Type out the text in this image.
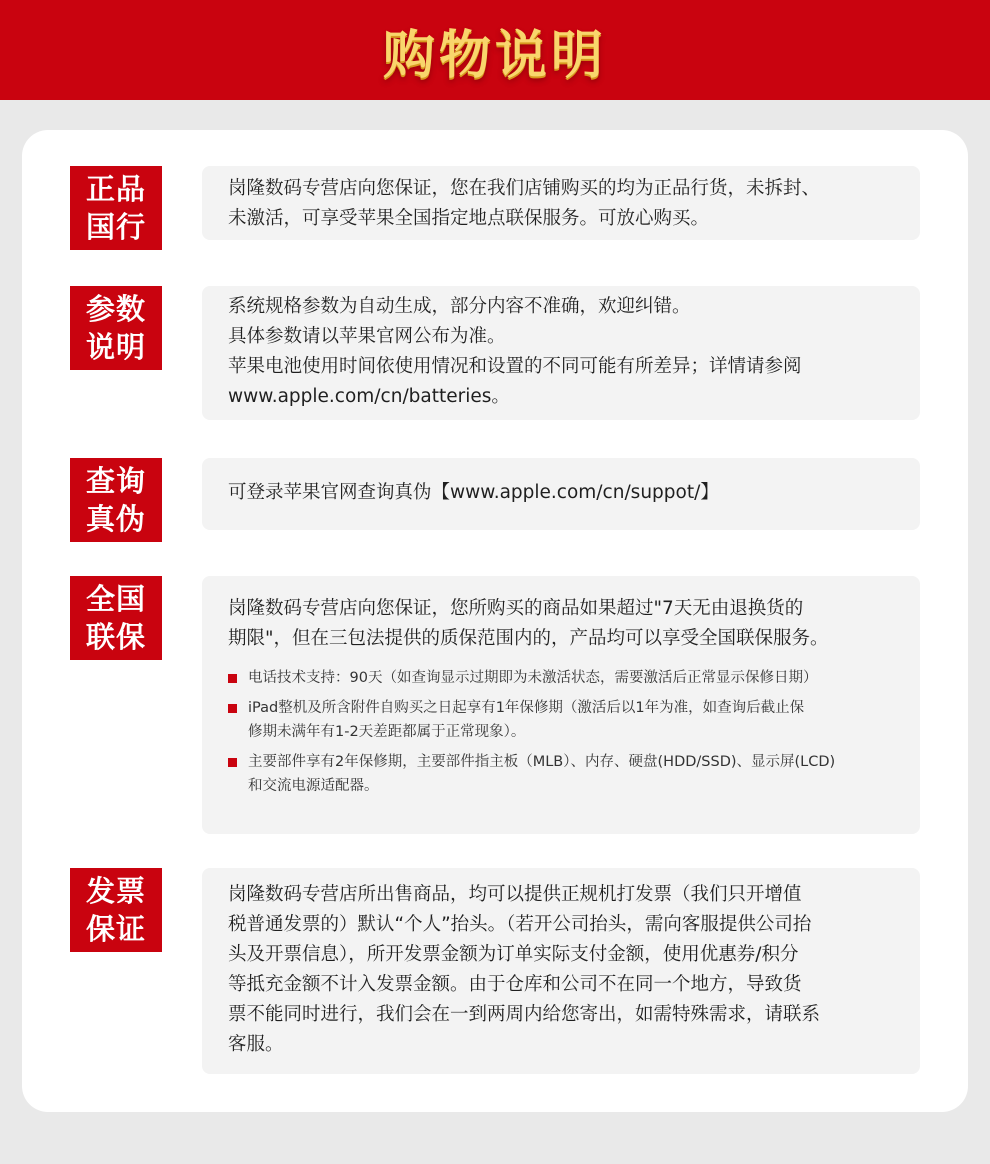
购物说明
正品
国行
岗隆数码专营店向您保证，您在我们店铺购买的均为正品行货，未拆封、
未激活，可享受苹果全国指定地点联保服务。可放心购买。
参数
说明
系统规格参数为自动生成，部分内容不准确，欢迎纠错。
具体参数请以苹果官网公布为准。
苹果电池使用时间依使用情况和设置的不同可能有所差异；详情请参阅
www.apple.com/cn/batteries。
查询
真伪
可登录苹果官网查询真伪【www.apple.com/cn/suppot/】
全国
联保
岗隆数码专营店向您保证，您所购买的商品如果超过"7天无由退换货的
期限"，但在三包法提供的质保范围内的，产品均可以享受全国联保服务。
电话技术支持：90天（如查询显示过期即为未激活状态，需要激活后正常显示保修日期）
iPad整机及所含附件自购买之日起享有1年保修期（激活后以1年为准，如查询后截止保
修期未满年有1-2天差距都属于正常现象）。
主要部件享有2年保修期，主要部件指主板（MLB）、内存、硬盘(HDD/SSD)、显示屏(LCD)
和交流电源适配器。
发票
保证
岗隆数码专营店所出售商品，均可以提供正规机打发票（我们只开增值
税普通发票的）默认“个人”抬头。（若开公司抬头，需向客服提供公司抬
头及开票信息），所开发票金额为订单实际支付金额，使用优惠券/积分
等抵充金额不计入发票金额。由于仓库和公司不在同一个地方，导致货
票不能同时进行，我们会在一到两周内给您寄出，如需特殊需求，请联系
客服。
